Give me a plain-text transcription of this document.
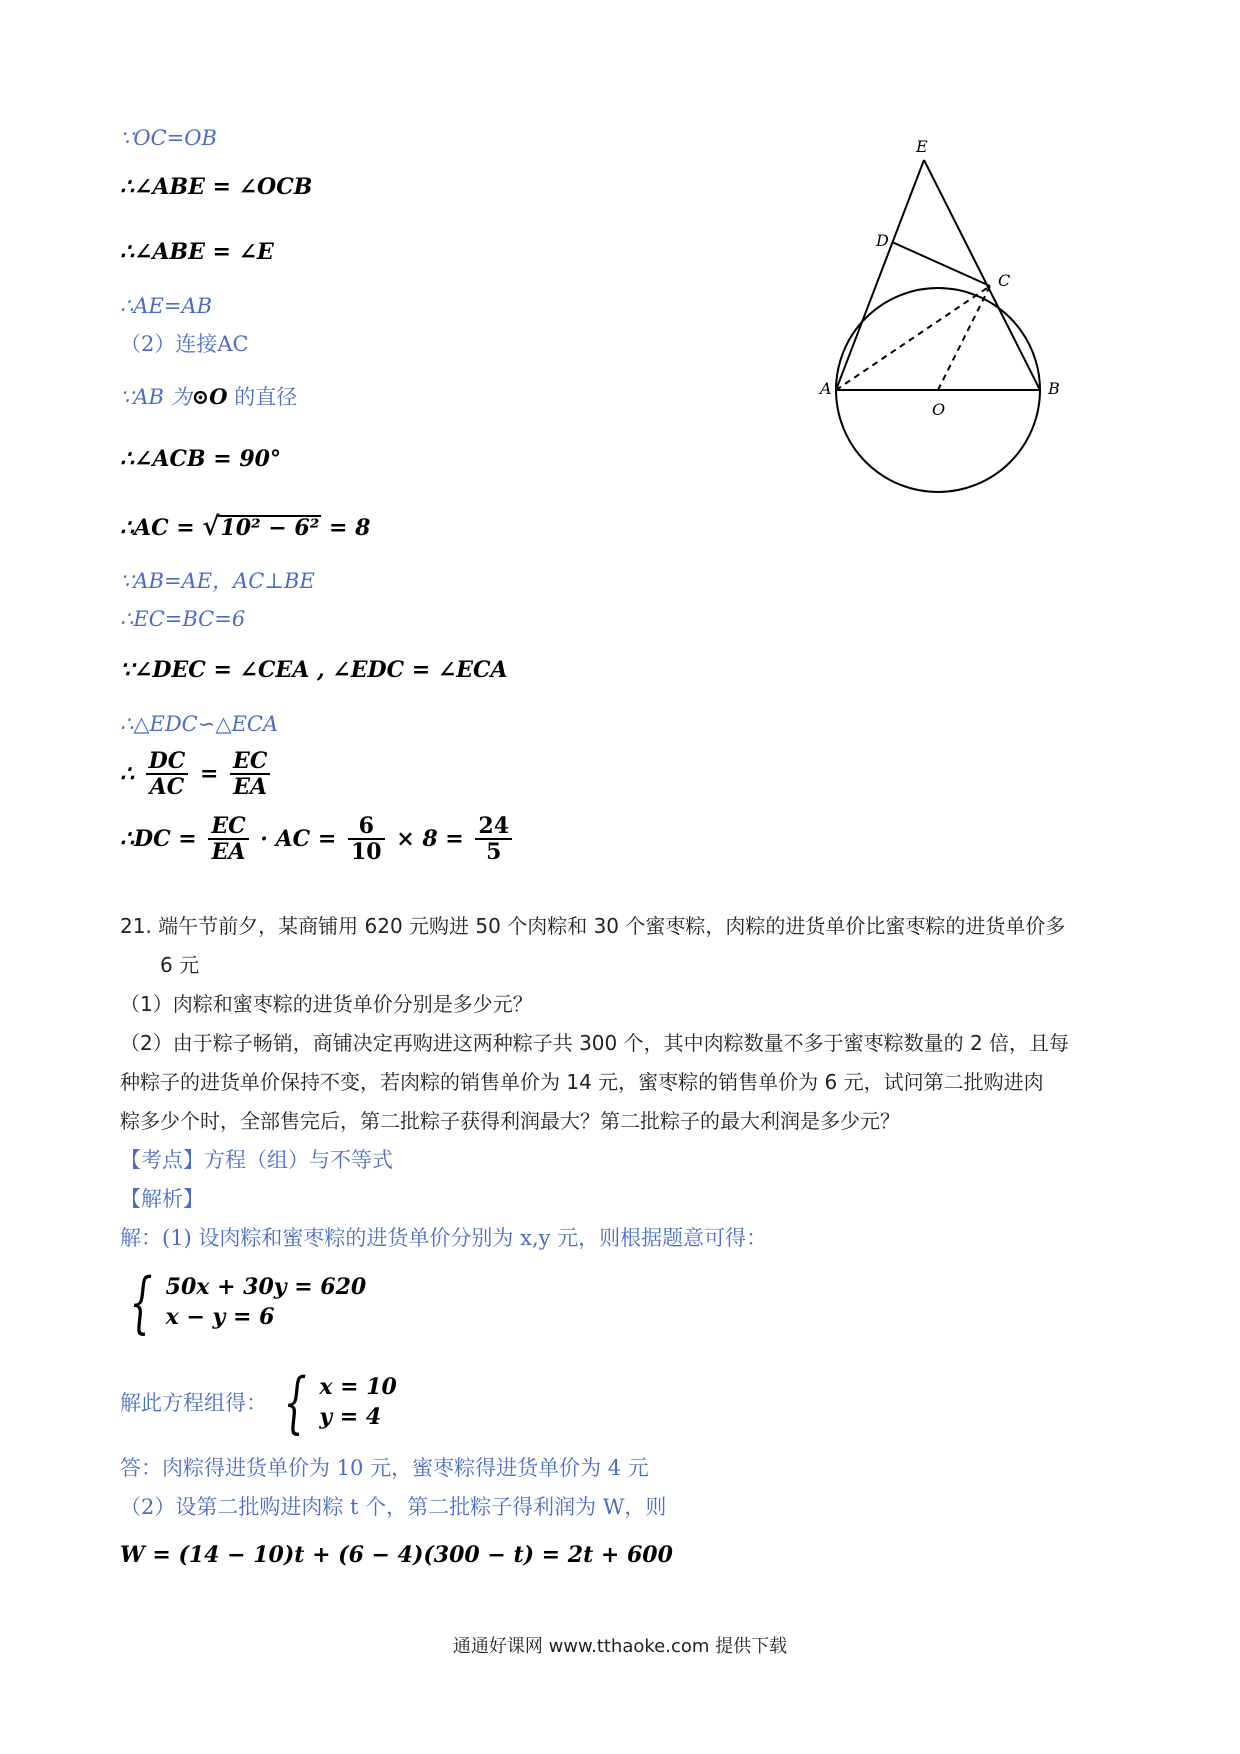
∵OC=OB
∴∠ABE = ∠OCB
∴∠ABE = ∠E
∴AE=AB
（2）连接AC
∵AB 为⊙O 的直径
∴∠ACB = 90°
∴AC = √10² − 6² = 8
∵AB=AE，AC⊥BE
∴EC=BC=6
∵∠DEC = ∠CEA , ∠EDC = ∠ECA
∴△EDC∽△ECA
∴ $\frac{DC}{AC} = \frac{EC}{EA}$
∴DC = $\frac{EC}{EA}$ · AC = $\frac{6}{10} \times 8 = \frac{24}{5}$
E
D
C
A
O
B
21. 端午节前夕，某商铺用 620 元购进 50 个肉粽和 30 个蜜枣粽，肉粽的进货单价比蜜枣粽的进货单价多
6 元
（1）肉粽和蜜枣粽的进货单价分别是多少元？
（2）由于粽子畅销，商铺决定再购进这两种粽子共 300 个，其中肉粽数量不多于蜜枣粽数量的 2 倍，且每
种粽子的进货单价保持不变，若肉粽的销售单价为 14 元，蜜枣粽的销售单价为 6 元，试问第二批购进肉
粽多少个时，全部售完后，第二批粽子获得利润最大？第二批粽子的最大利润是多少元？
【考点】方程（组）与不等式
【解析】
解：(1) 设肉粽和蜜枣粽的进货单价分别为 x,y 元，则根据题意可得：
{ 50x + 30y = 620
x − y = 6
解此方程组得： { x = 10
y = 4
答：肉粽得进货单价为 10 元，蜜枣粽得进货单价为 4 元
（2）设第二批购进肉粽 t 个，第二批粽子得利润为 W，则
W = (14 − 10)t + (6 − 4)(300 − t) = 2t + 600
通通好课网 www.tthaoke.com 提供下载
